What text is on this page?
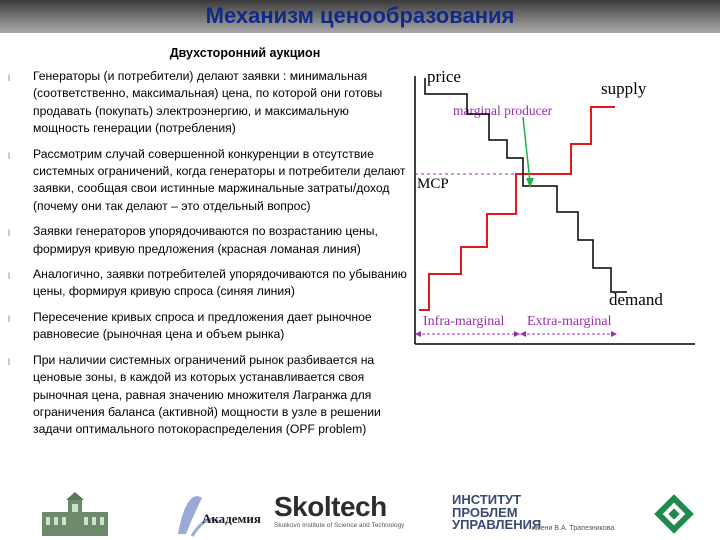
Механизм ценообразования
Двухсторонний аукцион
l Генераторы (и потребители) делают заявки : минимальная (соответственно, максимальная) цена, по которой они готовы продавать (покупать) электроэнергию, и максимальную мощность генерации (потребления)
l Рассмотрим случай совершенной конкуренции в отсутствие системных ограничений, когда генераторы и потребители делают заявки, сообщая свои истинные маржинальные затраты/доход (почему они так делают – это отдельный вопрос)
l Заявки генераторов упорядочиваются по возрастанию цены, формируя кривую предложения (красная ломаная линия)
l Аналогично, заявки потребителей упорядочиваются по убыванию цены, формируя кривую спроса (синяя линия)
l Пересечение кривых спроса и предложения дает рыночное равновесие (рыночная цена и объем рынка)
l При наличии системных ограничений рынок разбивается на ценовые зоны, в каждой из которых устанавливается своя рыночная цена, равная значению множителя Лагранжа для ограничения баланса (активной) мощности в узле в решении задачи оптимального потокораспределения (OPF problem)
price
supply
marginal producer
MCP
demand
Infra-marginal Extra-marginal
Академия Skoltech
Skolkovo Institute of Science and Technology
ИНСТИТУТ
ПРОБЛЕМ
УПРАВЛЕНИЯ
имени В.А. Трапезникова
